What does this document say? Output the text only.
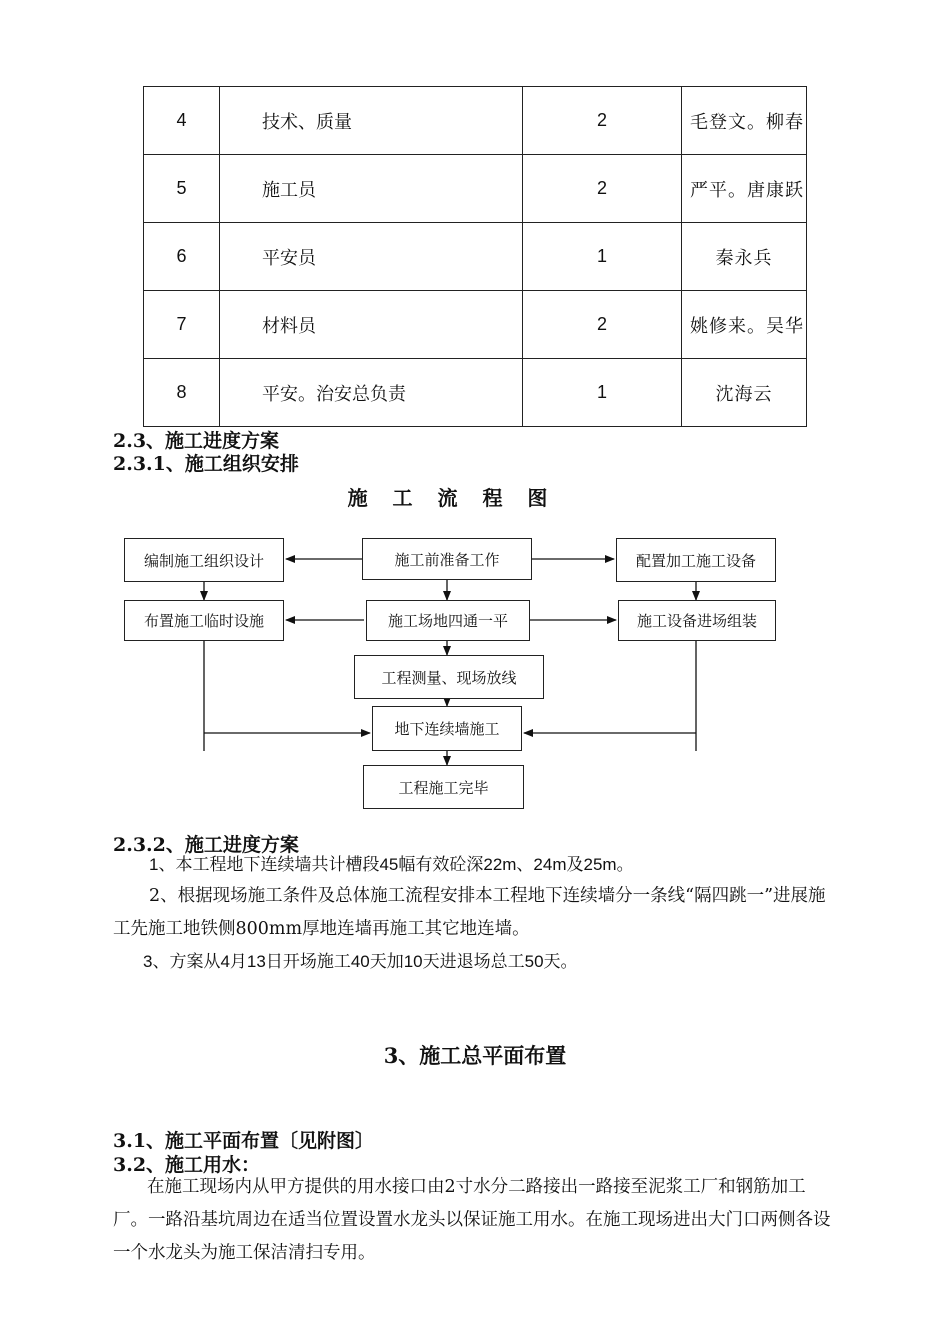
4	技术、质量	2	毛登文。柳春
5	施工员	2	严平。唐康跃
6	平安员	1	秦永兵
7	材料员	2	姚修来。吴华
8	平安。治安总负责	1	沈海云

2.3、施工进度方案

2.3.1、施工组织安排

施 工 流 程 图

编制施工组织设计	施工前准备工作	配置加工施工设备
布置施工临时设施	施工场地四通一平	施工设备进场组装
工程测量、现场放线
地下连续墙施工
工程施工完毕

2.3.2、施工进度方案

1、本工程地下连续墙共计槽段45幅有效砼深22m、24m及25m。

2、根据现场施工条件及总体施工流程安排本工程地下连续墙分一条线“隔四跳一”进展施工先施工地铁侧800mm厚地连墙再施工其它地连墙。

3、方案从4月13日开场施工40天加10天进退场总工50天。

3、施工总平面布置

3.1、施工平面布置〔见附图〕

3.2、施工用水：

在施工现场内从甲方提供的用水接口由2寸水分二路接出一路接至泥浆工厂和钢筋加工厂。一路沿基坑周边在适当位置设置水龙头以保证施工用水。在施工现场进出大门口两侧各设一个水龙头为施工保洁清扫专用。
